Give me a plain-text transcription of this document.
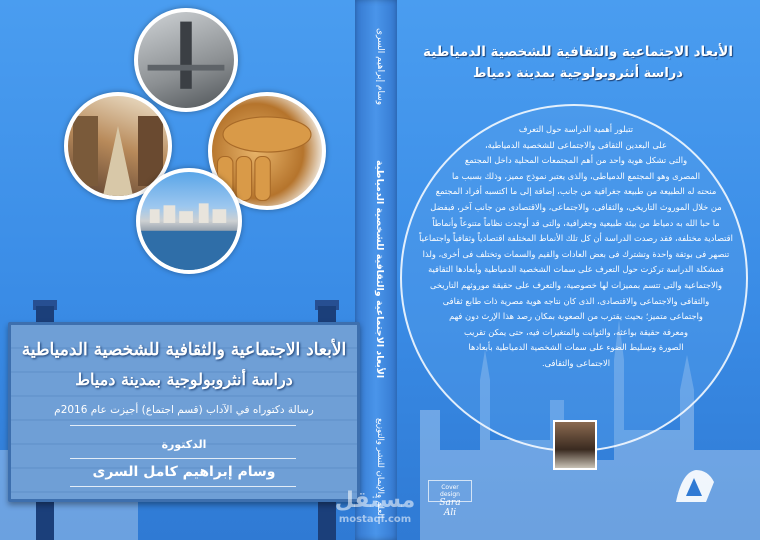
وسام إبراهيم السرى
الأبعاد الاجتماعية والثقافية للشخصية الدمياطية
العلم والإيمان للنشر والتوزيع
الأبعاد الاجتماعية والثقافية للشخصية الدمياطية
دراسة أنثروبولوجية بمدينة دمياط
رسالة دكتوراه في الآداب (قسم اجتماع) أجيزت عام 2016م
الدكتورة
وسام إبراهيم كامل السرى
الأبعاد الاجتماعية والثقافية للشخصية الدمياطية
دراسة أنثروبولوجية بمدينة دمياط
تتبلور أهمية الدراسة حول التعرف
على البعدين الثقافى والاجتماعى للشخصية الدمياطية،
والتى تشكل هوية واحد من أهم المجتمعات المحلية داخل المجتمع
المصرى وهو المجتمع الدمياطى، والذى يعتبر نموذج مميز، وذلك بسبب ما
منحته له الطبيعة من طبيعة جغرافية من جانب، إضافة إلى ما اكتسبه أفراد المجتمع
من خلال الموروث التاريخى، والثقافى، والاجتماعى، والاقتصادى من جانب آخر، فبفضل
ما حبا الله به دمياط من بيئة طبيعية وجغرافية، والتى قد أوجدت نظاماً متنوعاً وأنماطاً
اقتصادية مختلفة، فقد رصدت الدراسة أن كل تلك الأنماط المختلفة اقتصادياً وثقافياً واجتماعياً
تنصهر فى بوتقة واحدة وتشترك فى بعض العادات والقيم والسمات وتختلف فى أخرى، ولذا
فمشكلة الدراسة تركزت حول التعرف على سمات الشخصية الدمياطية وأبعادها الثقافية
والاجتماعية والتى تتسم بمميزات لها خصوصية، والتعرف على حقيقة موروثهم التاريخى
والثقافى والاجتماعى والاقتصادى، الذى كان نتاجه هوية مصرية ذات طابع ثقافى
واجتماعى متميز؛ بحيث يقترب من الصعوبة بمكان رصد هذا الإرث دون فهم
ومعرفة حقيقة بواعثه، والثوابت والمتغيرات فيه، حتى يمكن تقريب
الصورة وتسليط الضوء على سمات الشخصية الدمياطية بأبعادها
الاجتماعى والثقافى.
Cover design
Sara Ali
مستقل
mostaql.com
